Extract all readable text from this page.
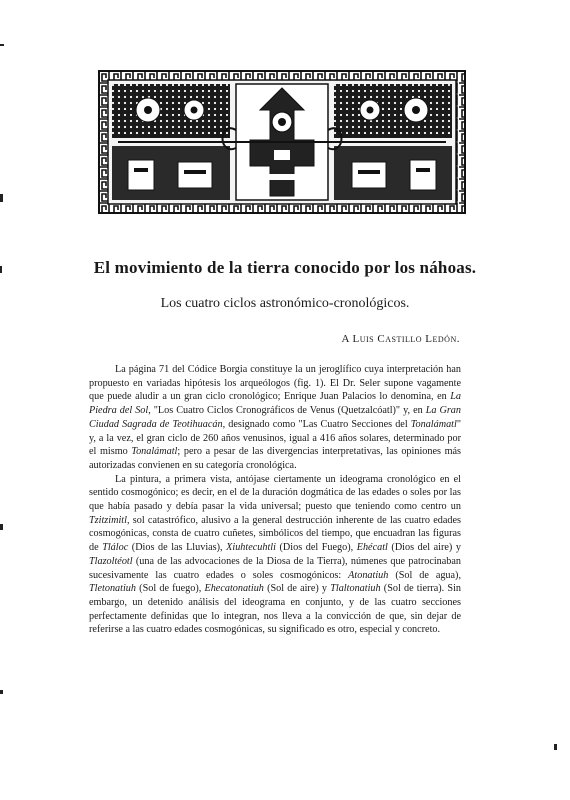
El movimiento de la tierra conocido por los náhoas.
Los cuatro ciclos astronómico-cronológicos.
A Luis Castillo Ledón.

La página 71 del Códice Borgia constituye la un jeroglífico cuya interpretación han propuesto en variadas hipótesis los arqueólogos (fig. 1). El Dr. Seler supone vagamente que puede aludir a un gran ciclo cronológico; Enrique Juan Palacios lo denomina, en La Piedra del Sol, "Los Cuatro Ciclos Cronográficos de Venus (Quetzalcóatl)" y, en La Gran Ciudad Sagrada de Teotihuacán, designado como "Las Cuatro Secciones del Tonalámatl" y, a la vez, el gran ciclo de 260 años venusinos, igual a 416 años solares, determinado por el mismo Tonalámatl; pero a pesar de las divergencias interpretativas, las opiniones más autorizadas convienen en su categoría cronológica.

La pintura, a primera vista, antójase ciertamente un ideograma cronológico en el sentido cosmogónico; es decir, en el de la duración dogmática de las edades o soles por las que había pasado y debía pasar la vida universal; puesto que teniendo como centro un Tzitzimitl, sol catastrófico, alusivo a la general destrucción inherente de las cuatro edades cosmogónicas, consta de cuatro cuñetes, simbólicos del tiempo, que encuadran las figuras de Tláloc (Dios de las Lluvias), Xiuhtecuhtli (Dios del Fuego), Ehécatl (Dios del aire) y Tlazoltéotl (una de las advocaciones de la Diosa de la Tierra), númenes que patrocinaban sucesivamente las cuatro edades o soles cosmogónicos: Atonatiuh (Sol de agua), Tletonatiuh (Sol de fuego), Ehecatonatiuh (Sol de aire) y Tlaltonatiuh (Sol de tierra). Sin embargo, un detenido análisis del ideograma en conjunto, y de las cuatro secciones perfectamente definidas que lo integran, nos lleva a la convicción de que, sin dejar de referirse a las cuatro edades cosmogónicas, su significado es otro, especial y concreto.
